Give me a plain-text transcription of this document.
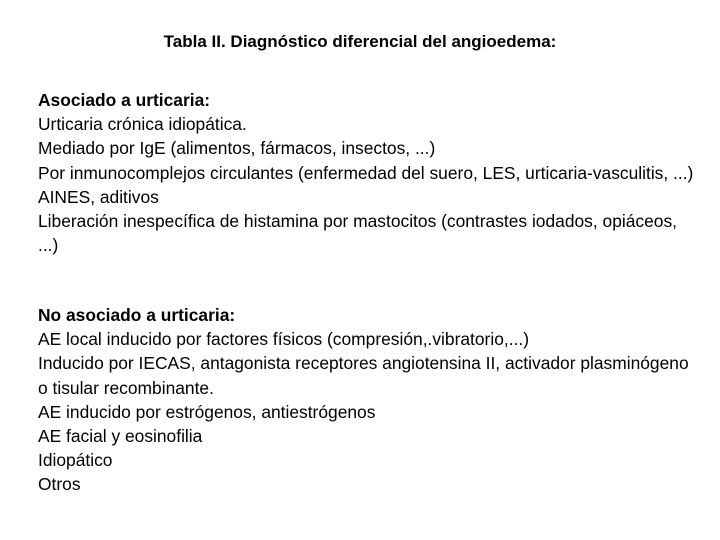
Tabla II. Diagnóstico diferencial del angioedema:
Asociado a urticaria:
Urticaria crónica idiopática.
Mediado por IgE (alimentos, fármacos, insectos, ...)
Por inmunocomplejos circulantes (enfermedad del suero, LES, urticaria-vasculitis, ...)
AINES, aditivos
Liberación inespecífica de histamina por mastocitos (contrastes iodados, opiáceos, ...)
No asociado a urticaria:
AE local inducido por factores físicos (compresión,.vibratorio,...)
Inducido por IECAS, antagonista receptores angiotensina II, activador plasminógeno o tisular recombinante.
AE inducido por estrógenos, antiestrógenos
AE facial y eosinofilia
Idiopático
Otros
